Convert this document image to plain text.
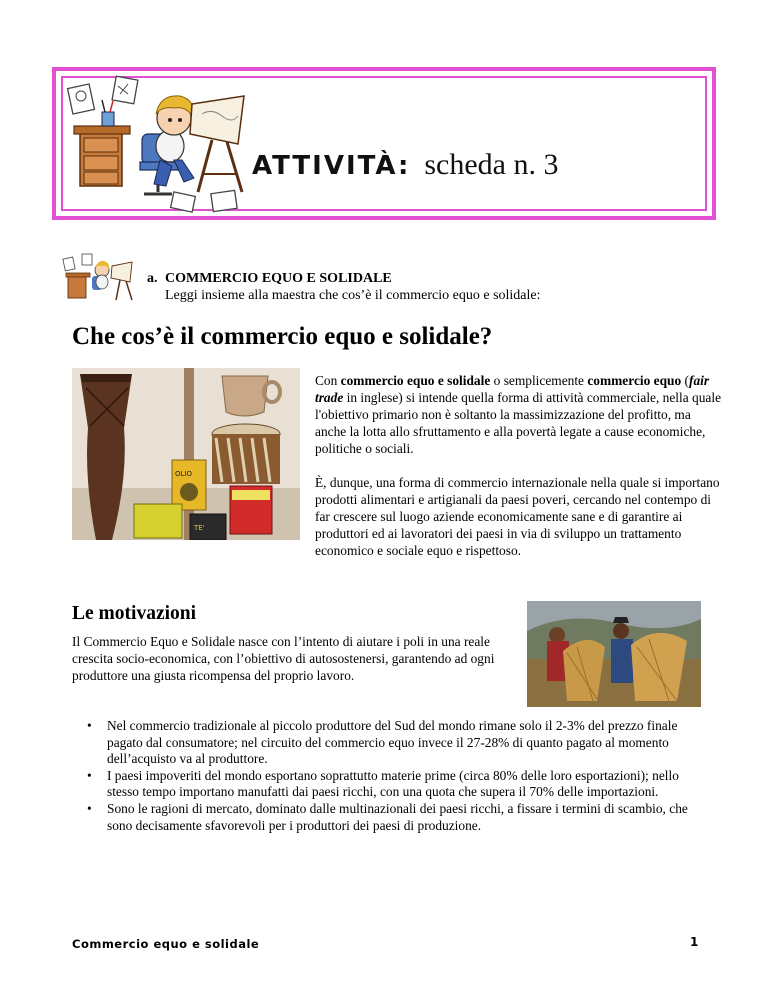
ATTIVITÀ: scheda n. 3
a. COMMERCIO EQUO E SOLIDALE
Leggi insieme alla maestra che cos’è il commercio equo e solidale:
Che cos’è il commercio equo e solidale?
OLIO
TE'
Con commercio equo e solidale o semplicemente commercio equo (fair trade in inglese) si intende quella forma di attività commerciale, nella quale l'obiettivo primario non è soltanto la massimizzazione del profitto, ma anche la lotta allo sfruttamento e alla povertà legate a cause economiche, politiche o sociali.
È, dunque, una forma di commercio internazionale nella quale si importano prodotti alimentari e artigianali da paesi poveri, cercando nel contempo di far crescere sul luogo aziende economicamente sane e di garantire ai produttori ed ai lavoratori dei paesi in via di sviluppo un trattamento economico e sociale equo e rispettoso.
Le motivazioni
Il Commercio Equo e Solidale nasce con l’intento di aiutare i poli in una reale crescita socio-economica, con l’obiettivo di autosostenersi, garantendo ad ogni produttore una giusta ricompensa del proprio lavoro.
• Nel commercio tradizionale al piccolo produttore del Sud del mondo rimane solo il 2-3% del prezzo finale pagato dal consumatore; nel circuito del commercio equo invece il 27-28% di quanto pagato al momento dell’acquisto va al produttore.
• I paesi impoveriti del mondo esportano soprattutto materie prime (circa 80% delle loro esportazioni); nello stesso tempo importano manufatti dai paesi ricchi, con una quota che supera il 70% delle importazioni.
• Sono le ragioni di mercato, dominato dalle multinazionali dei paesi ricchi, a fissare i termini di scambio, che sono decisamente sfavorevoli per i produttori dei paesi di produzione.
Commercio equo e solidale	1
